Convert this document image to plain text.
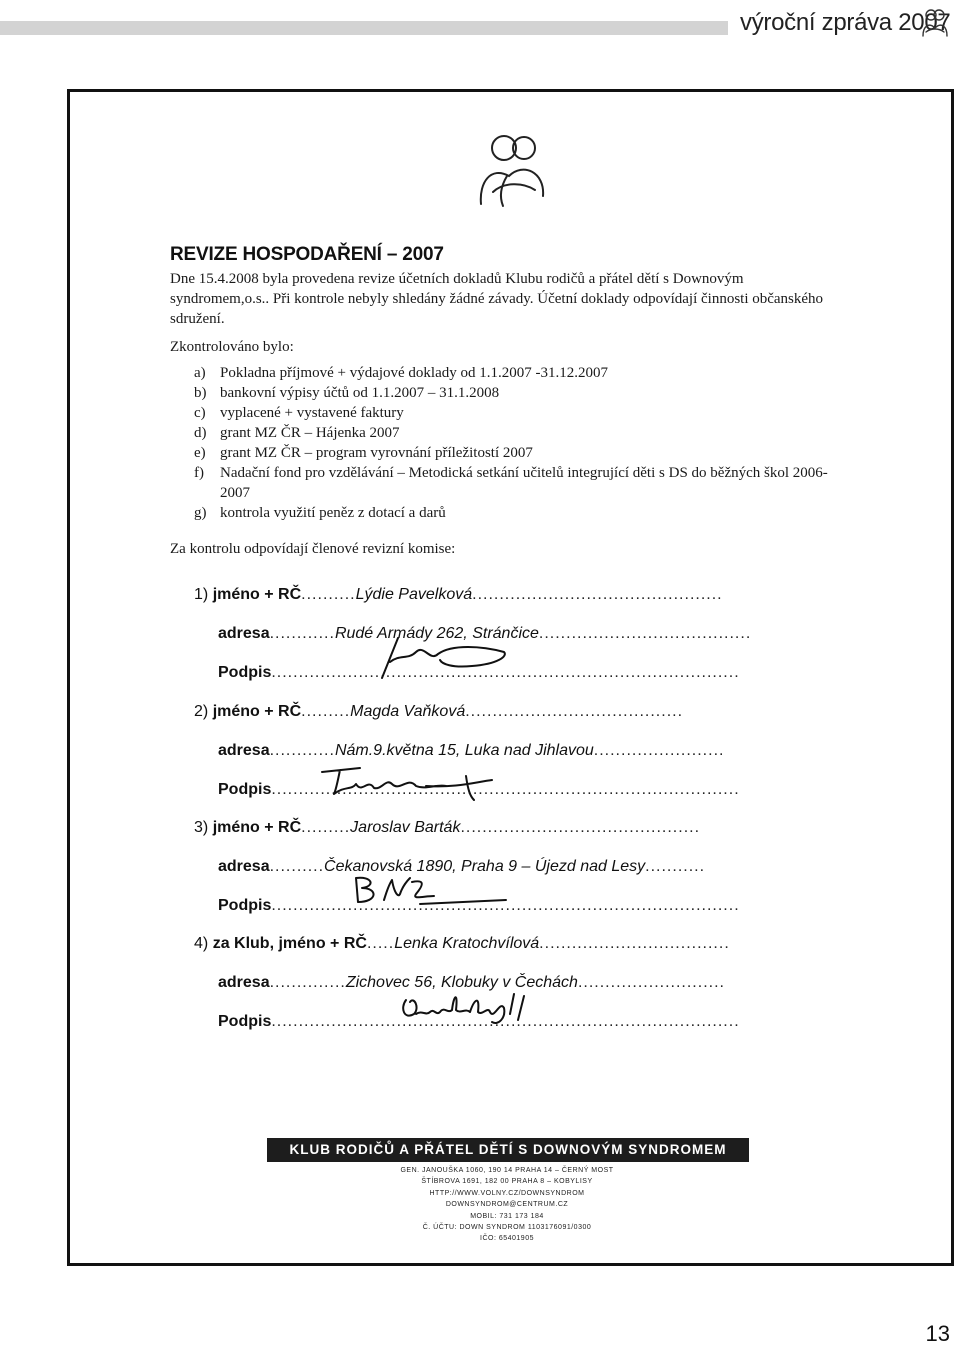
výroční zpráva 2007
REVIZE HOSPODAŘENÍ – 2007
Dne 15.4.2008 byla provedena revize účetních dokladů Klubu rodičů a přátel dětí s Downovým syndromem,o.s.. Při kontrole nebyly shledány žádné závady. Účetní doklady odpovídají činnosti občanského sdružení.
Zkontrolováno bylo:
a) Pokladna příjmové + výdajové doklady od 1.1.2007 -31.12.2007
b) bankovní výpisy účtů od 1.1.2007 – 31.1.2008
c) vyplacené + vystavené faktury
d) grant MZ ČR – Hájenka 2007
e) grant MZ ČR – program vyrovnání příležitostí 2007
f)	Nadační fond pro vzdělávání – Metodická setkání učitelů integrující děti s DS do běžných škol 2006-2007
g) kontrola využití peněz z dotací a darů
Za kontrolu odpovídají členové revizní komise:
1) jméno + RČ..........Lýdie Pavelková..............................................
adresa............Rudé Armády 262, Stránčice.......................................
Podpis......................................................................................
2) jméno + RČ.........Magda Vaňková........................................
adresa............Nám.9.května 15, Luka nad Jihlavou........................
Podpis......................................................................................
3) jméno + RČ.........Jaroslav Barták............................................
adresa..........Čekanovská 1890, Praha 9 – Újezd nad Lesy...........
Podpis......................................................................................
4) za Klub, jméno + RČ.....Lenka Kratochvílová...................................
adresa..............Zichovec 56, Klobuky v Čechách...........................
Podpis......................................................................................
KLUB RODIČŮ A PŘÁTEL DĚTÍ S DOWNOVÝM SYNDROMEM
GEN. JANOUŠKA 1060, 190 14 PRAHA 14 – ČERNÝ MOST
ŠTÍBROVA 1691, 182 00 PRAHA 8 – KOBYLISY
HTTP://WWW.VOLNY.CZ/DOWNSYNDROM
DOWNSYNDROM@CENTRUM.CZ
MOBIL: 731 173 184
Č. ÚČTU: DOWN SYNDROM 1103176091/0300
IČO: 65401905
13
